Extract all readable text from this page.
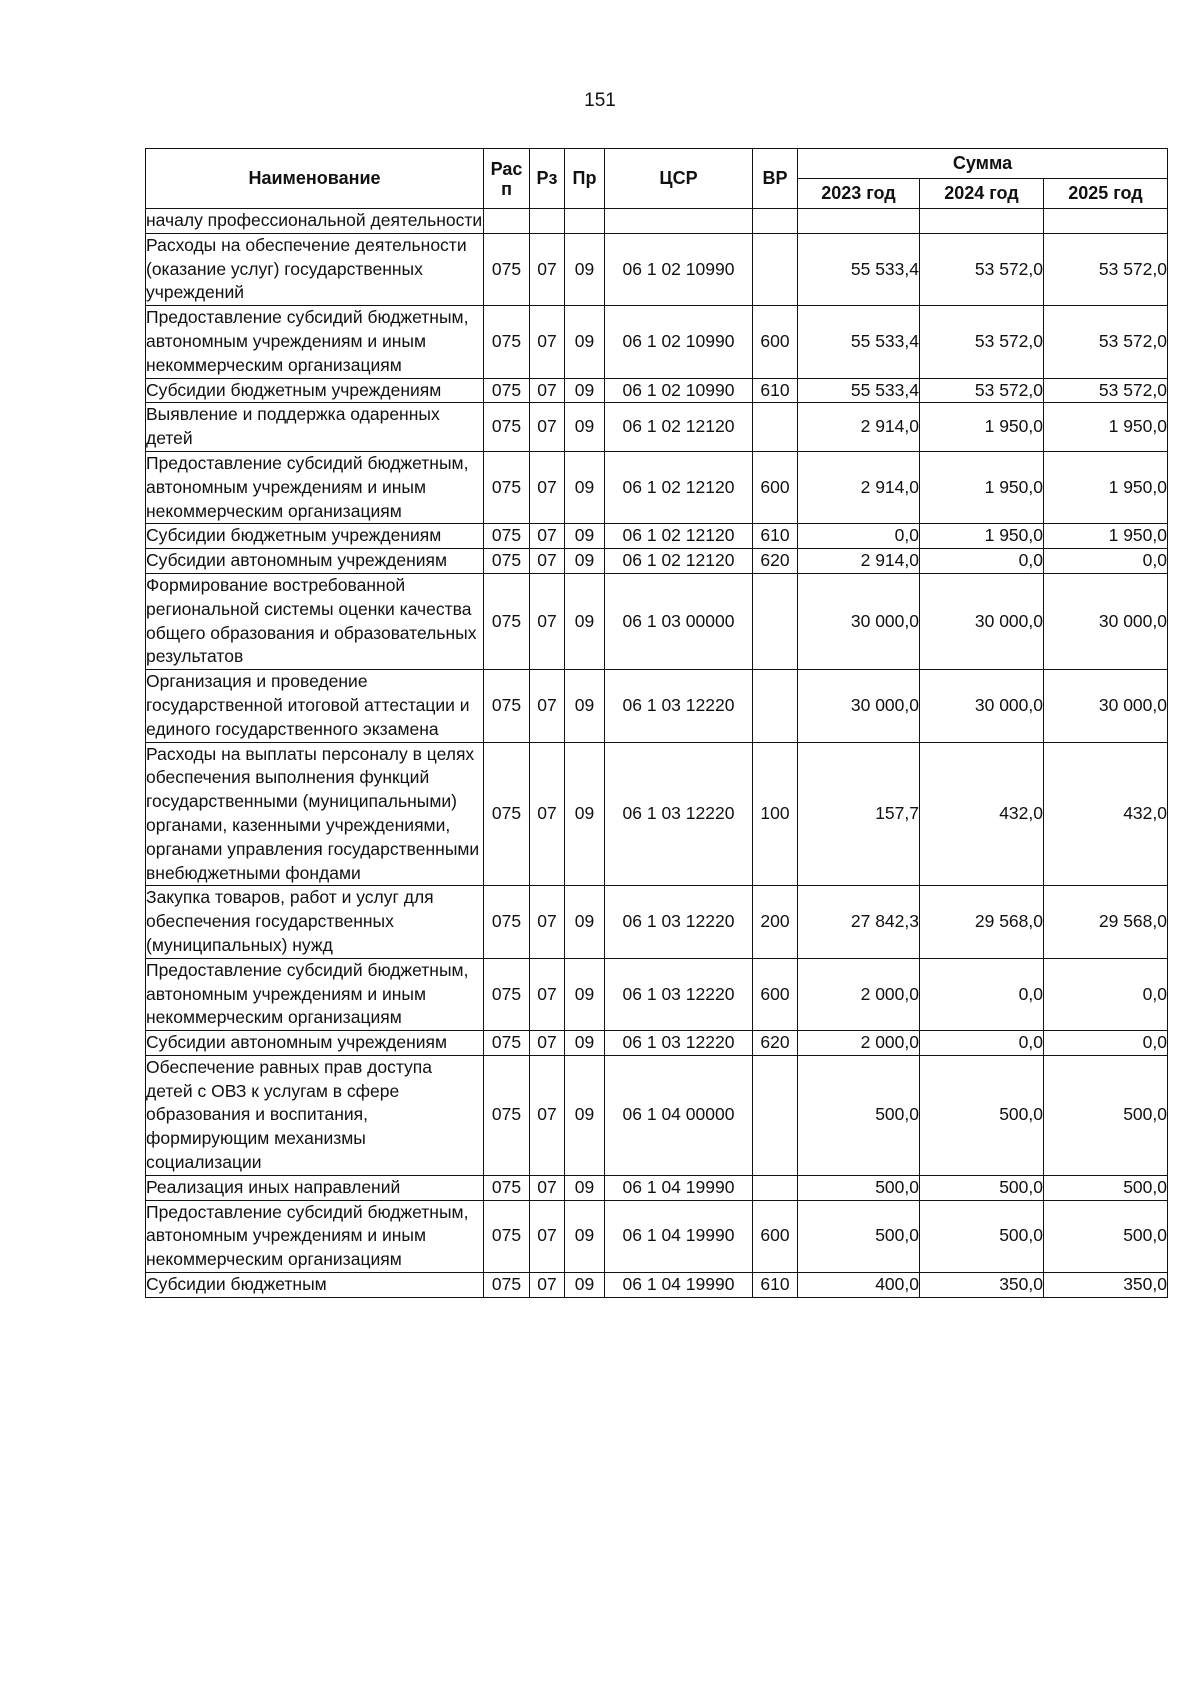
151
Наименование	Рас п	Рз	Пр	ЦСР	ВР	Сумма		
						2023 год	2024 год	2025 год
началу профессиональной деятельности								
Расходы на обеспечение деятельности (оказание услуг) государственных учреждений	075	07	09	06 1 02 10990		55 533,4	53 572,0	53 572,0
Предоставление субсидий бюджетным, автономным учреждениям и иным некоммерческим организациям	075	07	09	06 1 02 10990	600	55 533,4	53 572,0	53 572,0
Субсидии бюджетным учреждениям	075	07	09	06 1 02 10990	610	55 533,4	53 572,0	53 572,0
Выявление и поддержка одаренных детей	075	07	09	06 1 02 12120		2 914,0	1 950,0	1 950,0
Предоставление субсидий бюджетным, автономным учреждениям и иным некоммерческим организациям	075	07	09	06 1 02 12120	600	2 914,0	1 950,0	1 950,0
Субсидии бюджетным учреждениям	075	07	09	06 1 02 12120	610	0,0	1 950,0	1 950,0
Субсидии автономным учреждениям	075	07	09	06 1 02 12120	620	2 914,0	0,0	0,0
Формирование востребованной региональной системы оценки качества общего образования и образовательных результатов	075	07	09	06 1 03 00000		30 000,0	30 000,0	30 000,0
Организация и проведение государственной итоговой аттестации и единого государственного экзамена	075	07	09	06 1 03 12220		30 000,0	30 000,0	30 000,0
Расходы на выплаты персоналу в целях обеспечения выполнения функций государственными (муниципальными) органами, казенными учреждениями, органами управления государственными внебюджетными фондами	075	07	09	06 1 03 12220	100	157,7	432,0	432,0
Закупка товаров, работ и услуг для обеспечения государственных (муниципальных) нужд	075	07	09	06 1 03 12220	200	27 842,3	29 568,0	29 568,0
Предоставление субсидий бюджетным, автономным учреждениям и иным некоммерческим организациям	075	07	09	06 1 03 12220	600	2 000,0	0,0	0,0
Субсидии автономным учреждениям	075	07	09	06 1 03 12220	620	2 000,0	0,0	0,0
Обеспечение равных прав доступа детей с ОВЗ к услугам в сфере образования и воспитания, формирующим механизмы социализации	075	07	09	06 1 04 00000		500,0	500,0	500,0
Реализация иных направлений	075	07	09	06 1 04 19990		500,0	500,0	500,0
Предоставление субсидий бюджетным, автономным учреждениям и иным некоммерческим организациям	075	07	09	06 1 04 19990	600	500,0	500,0	500,0
Субсидии бюджетным	075	07	09	06 1 04 19990	610	400,0	350,0	350,0
